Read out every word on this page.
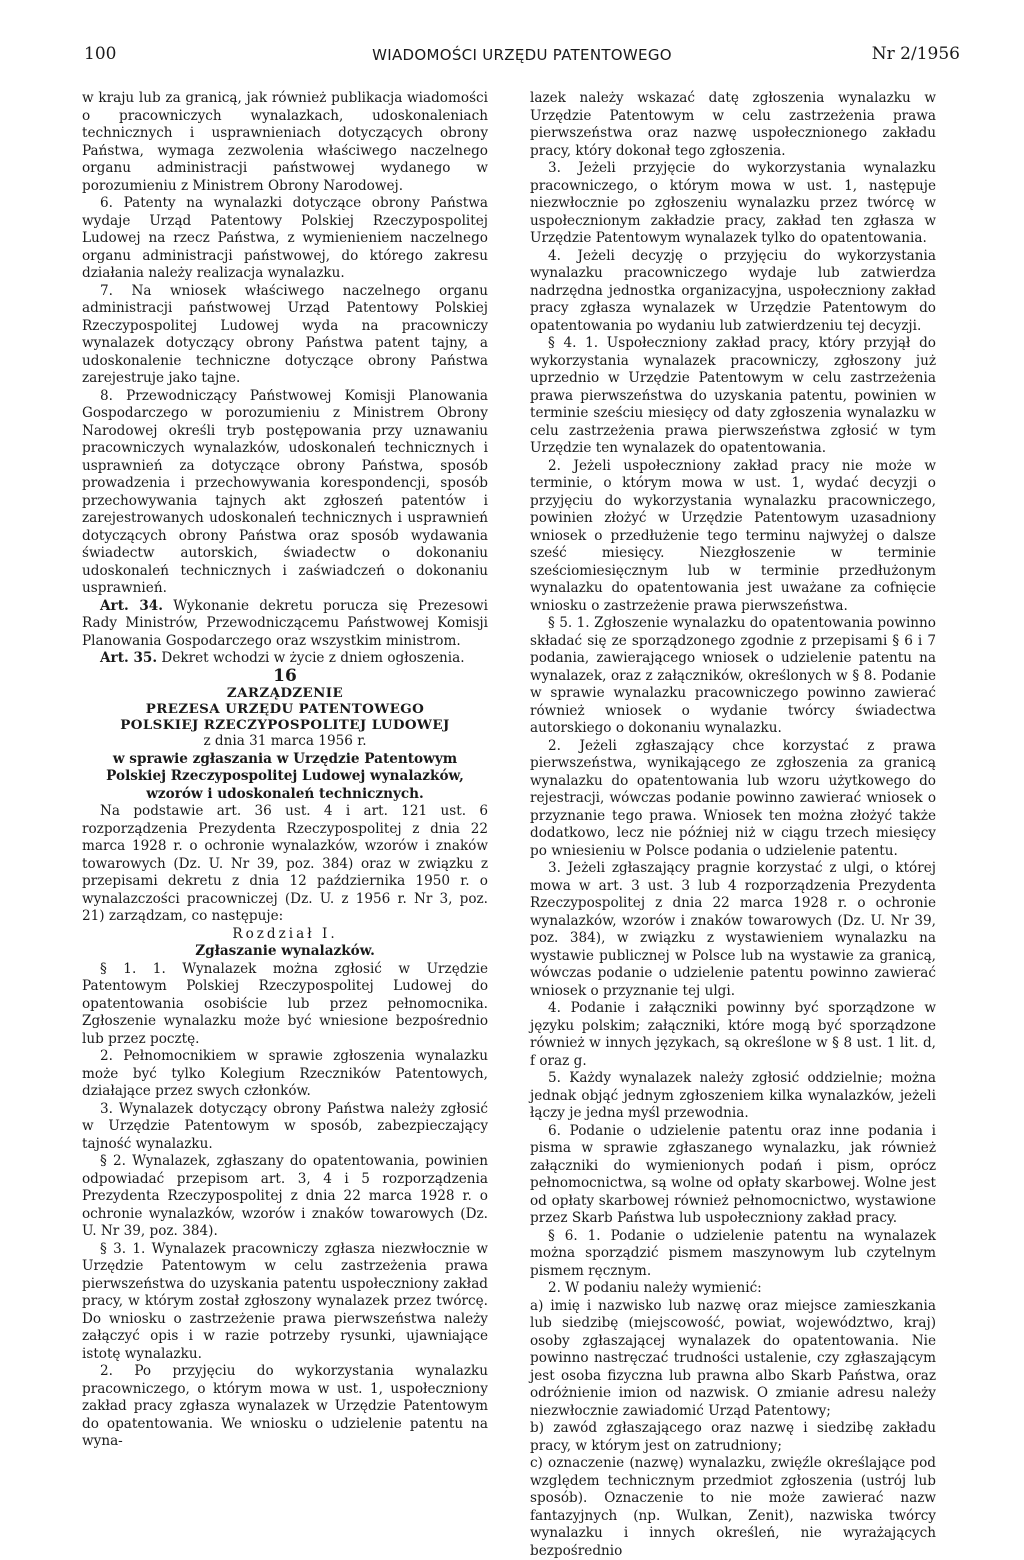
100	WIADOMOŚCI URZĘDU PATENTOWEGO	Nr 2/1956

w kraju lub za granicą, jak również publikacja wiadomości o pracowniczych wynalazkach, udoskonaleniach technicznych i usprawnieniach dotyczących obrony Państwa, wymaga zezwolenia właściwego naczelnego organu administracji państwowej wydanego w porozumieniu z Ministrem Obrony Narodowej.

6. Patenty na wynalazki dotyczące obrony Państwa wydaje Urząd Patentowy Polskiej Rzeczypospolitej Ludowej na rzecz Państwa, z wymienieniem naczelnego organu administracji państwowej, do którego zakresu działania należy realizacja wynalazku.

7. Na wniosek właściwego naczelnego organu administracji państwowej Urząd Patentowy Polskiej Rzeczypospolitej Ludowej wyda na pracowniczy wynalazek dotyczący obrony Państwa patent tajny, a udoskonalenie techniczne dotyczące obrony Państwa zarejestruje jako tajne.

8. Przewodniczący Państwowej Komisji Planowania Gospodarczego w porozumieniu z Ministrem Obrony Narodowej określi tryb postępowania przy uznawaniu pracowniczych wynalazków, udoskonaleń technicznych i usprawnień za dotyczące obrony Państwa, sposób prowadzenia i przechowywania korespondencji, sposób przechowywania tajnych akt zgłoszeń patentów i zarejestrowanych udoskonaleń technicznych i usprawnień dotyczących obrony Państwa oraz sposób wydawania świadectw autorskich, świadectw o dokonaniu udoskonaleń technicznych i zaświadczeń o dokonaniu usprawnień.

Art. 34. Wykonanie dekretu porucza się Prezesowi Rady Ministrów, Przewodniczącemu Państwowej Komisji Planowania Gospodarczego oraz wszystkim ministrom.

Art. 35. Dekret wchodzi w życie z dniem ogłoszenia.

16

ZARZĄDZENIE

PREZESA URZĘDU PATENTOWEGO

POLSKIEJ RZECZYPOSPOLITEJ LUDOWEJ

z dnia 31 marca 1956 r.

w sprawie zgłaszania w Urzędzie Patentowym Polskiej Rzeczypospolitej Ludowej wynalazków, wzorów i udoskonaleń technicznych.

Na podstawie art. 36 ust. 4 i art. 121 ust. 6 rozporządzenia Prezydenta Rzeczypospolitej z dnia 22 marca 1928 r. o ochronie wynalazków, wzorów i znaków towarowych (Dz. U. Nr 39, poz. 384) oraz w związku z przepisami dekretu z dnia 12 października 1950 r. o wynalazczości pracowniczej (Dz. U. z 1956 r. Nr 3, poz. 21) zarządzam, co następuje:

Rozdział I.

Zgłaszanie wynalazków.

§ 1. 1. Wynalazek można zgłosić w Urzędzie Patentowym Polskiej Rzeczypospolitej Ludowej do opatentowania osobiście lub przez pełnomocnika. Zgłoszenie wynalazku może być wniesione bezpośrednio lub przez pocztę.

2. Pełnomocnikiem w sprawie zgłoszenia wynalazku może być tylko Kolegium Rzeczników Patentowych, działające przez swych członków.

3. Wynalazek dotyczący obrony Państwa należy zgłosić w Urzędzie Patentowym w sposób, zabezpieczający tajność wynalazku.

§ 2. Wynalazek, zgłaszany do opatentowania, powinien odpowiadać przepisom art. 3, 4 i 5 rozporządzenia Prezydenta Rzeczypospolitej z dnia 22 marca 1928 r. o ochronie wynalazków, wzorów i znaków towarowych (Dz. U. Nr 39, poz. 384).

§ 3. 1. Wynalazek pracowniczy zgłasza niezwłocznie w Urzędzie Patentowym w celu zastrzeżenia prawa pierwszeństwa do uzyskania patentu uspołeczniony zakład pracy, w którym został zgłoszony wynalazek przez twórcę. Do wniosku o zastrzeżenie prawa pierwszeństwa należy załączyć opis i w razie potrzeby rysunki, ujawniające istotę wynalazku.

2. Po przyjęciu do wykorzystania wynalazku pracowniczego, o którym mowa w ust. 1, uspołeczniony zakład pracy zgłasza wynalazek w Urzędzie Patentowym do opatentowania. We wniosku o udzielenie patentu na wyna-

lazek należy wskazać datę zgłoszenia wynalazku w Urzędzie Patentowym w celu zastrzeżenia prawa pierwszeństwa oraz nazwę uspołecznionego zakładu pracy, który dokonał tego zgłoszenia.

3. Jeżeli przyjęcie do wykorzystania wynalazku pracowniczego, o którym mowa w ust. 1, następuje niezwłocznie po zgłoszeniu wynalazku przez twórcę w uspołecznionym zakładzie pracy, zakład ten zgłasza w Urzędzie Patentowym wynalazek tylko do opatentowania.

4. Jeżeli decyzję o przyjęciu do wykorzystania wynalazku pracowniczego wydaje lub zatwierdza nadrzędna jednostka organizacyjna, uspołeczniony zakład pracy zgłasza wynalazek w Urzędzie Patentowym do opatentowania po wydaniu lub zatwierdzeniu tej decyzji.

§ 4. 1. Uspołeczniony zakład pracy, który przyjął do wykorzystania wynalazek pracowniczy, zgłoszony już uprzednio w Urzędzie Patentowym w celu zastrzeżenia prawa pierwszeństwa do uzyskania patentu, powinien w terminie sześciu miesięcy od daty zgłoszenia wynalazku w celu zastrzeżenia prawa pierwszeństwa zgłosić w tym Urzędzie ten wynalazek do opatentowania.

2. Jeżeli uspołeczniony zakład pracy nie może w terminie, o którym mowa w ust. 1, wydać decyzji o przyjęciu do wykorzystania wynalazku pracowniczego, powinien złożyć w Urzędzie Patentowym uzasadniony wniosek o przedłużenie tego terminu najwyżej o dalsze sześć miesięcy. Niezgłoszenie w terminie sześciomiesięcznym lub w terminie przedłużonym wynalazku do opatentowania jest uważane za cofnięcie wniosku o zastrzeżenie prawa pierwszeństwa.

§ 5. 1. Zgłoszenie wynalazku do opatentowania powinno składać się ze sporządzonego zgodnie z przepisami § 6 i 7 podania, zawierającego wniosek o udzielenie patentu na wynalazek, oraz z załączników, określonych w § 8. Podanie w sprawie wynalazku pracowniczego powinno zawierać również wniosek o wydanie twórcy świadectwa autorskiego o dokonaniu wynalazku.

2. Jeżeli zgłaszający chce korzystać z prawa pierwszeństwa, wynikającego ze zgłoszenia za granicą wynalazku do opatentowania lub wzoru użytkowego do rejestracji, wówczas podanie powinno zawierać wniosek o przyznanie tego prawa. Wniosek ten można złożyć także dodatkowo, lecz nie później niż w ciągu trzech miesięcy po wniesieniu w Polsce podania o udzielenie patentu.

3. Jeżeli zgłaszający pragnie korzystać z ulgi, o której mowa w art. 3 ust. 3 lub 4 rozporządzenia Prezydenta Rzeczypospolitej z dnia 22 marca 1928 r. o ochronie wynalazków, wzorów i znaków towarowych (Dz. U. Nr 39, poz. 384), w związku z wystawieniem wynalazku na wystawie publicznej w Polsce lub na wystawie za granicą, wówczas podanie o udzielenie patentu powinno zawierać wniosek o przyznanie tej ulgi.

4. Podanie i załączniki powinny być sporządzone w języku polskim; załączniki, które mogą być sporządzone również w innych językach, są określone w § 8 ust. 1 lit. d, f oraz g.

5. Każdy wynalazek należy zgłosić oddzielnie; można jednak objąć jednym zgłoszeniem kilka wynalazków, jeżeli łączy je jedna myśl przewodnia.

6. Podanie o udzielenie patentu oraz inne podania i pisma w sprawie zgłaszanego wynalazku, jak również załączniki do wymienionych podań i pism, oprócz pełnomocnictwa, są wolne od opłaty skarbowej. Wolne jest od opłaty skarbowej również pełnomocnictwo, wystawione przez Skarb Państwa lub uspołeczniony zakład pracy.

§ 6. 1. Podanie o udzielenie patentu na wynalazek można sporządzić pismem maszynowym lub czytelnym pismem ręcznym.

2. W podaniu należy wymienić:

a) imię i nazwisko lub nazwę oraz miejsce zamieszkania lub siedzibę (miejscowość, powiat, województwo, kraj) osoby zgłaszającej wynalazek do opatentowania. Nie powinno nastręczać trudności ustalenie, czy zgłaszającym jest osoba fizyczna lub prawna albo Skarb Państwa, oraz odróżnienie imion od nazwisk. O zmianie adresu należy niezwłocznie zawiadomić Urząd Patentowy;

b) zawód zgłaszającego oraz nazwę i siedzibę zakładu pracy, w którym jest on zatrudniony;

c) oznaczenie (nazwę) wynalazku, zwięźle określające pod względem technicznym przedmiot zgłoszenia (ustrój lub sposób). Oznaczenie to nie może zawierać nazw fantazyjnych (np. Wulkan, Zenit), nazwiska twórcy wynalazku i innych określeń, nie wyrażających bezpośrednio
